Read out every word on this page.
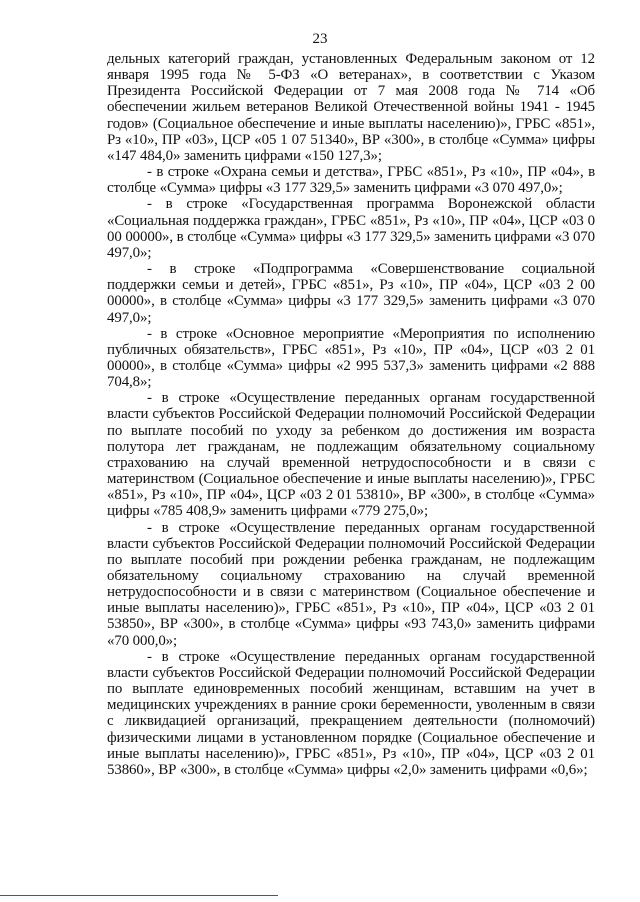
23

дельных категорий граждан, установленных Федеральным законом от 12 января 1995 года № 5-ФЗ «О ветеранах», в соответствии с Указом Президента Российской Федерации от 7 мая 2008 года № 714 «Об обеспечении жильем ветеранов Великой Отечественной войны 1941 - 1945 годов» (Социальное обеспечение и иные выплаты населению)», ГРБС «851», Рз «10», ПР «03», ЦСР «05 1 07 51340», ВР «300», в столбце «Сумма» цифры «147 484,0» заменить цифрами «150 127,3»;

- в строке «Охрана семьи и детства», ГРБС «851», Рз «10», ПР «04», в столбце «Сумма» цифры «3 177 329,5» заменить цифрами «3 070 497,0»;

- в строке «Государственная программа Воронежской области «Социальная поддержка граждан», ГРБС «851», Рз «10», ПР «04», ЦСР «03 0 00 00000», в столбце «Сумма» цифры «3 177 329,5» заменить цифрами «3 070 497,0»;

- в строке «Подпрограмма «Совершенствование социальной поддержки семьи и детей», ГРБС «851», Рз «10», ПР «04», ЦСР «03 2 00 00000», в столбце «Сумма» цифры «3 177 329,5» заменить цифрами «3 070 497,0»;

- в строке «Основное мероприятие «Мероприятия по исполнению публичных обязательств», ГРБС «851», Рз «10», ПР «04», ЦСР «03 2 01 00000», в столбце «Сумма» цифры «2 995 537,3» заменить цифрами «2 888 704,8»;

- в строке «Осуществление переданных органам государственной власти субъектов Российской Федерации полномочий Российской Федерации по выплате пособий по уходу за ребенком до достижения им возраста полутора лет гражданам, не подлежащим обязательному социальному страхованию на случай временной нетрудоспособности и в связи с материнством (Социальное обеспечение и иные выплаты населению)», ГРБС «851», Рз «10», ПР «04», ЦСР «03 2 01 53810», ВР «300», в столбце «Сумма» цифры «785 408,9» заменить цифрами «779 275,0»;

- в строке «Осуществление переданных органам государственной власти субъектов Российской Федерации полномочий Российской Федерации по выплате пособий при рождении ребенка гражданам, не подлежащим обязательному социальному страхованию на случай временной нетрудоспособности и в связи с материнством (Социальное обеспечение и иные выплаты населению)», ГРБС «851», Рз «10», ПР «04», ЦСР «03 2 01 53850», ВР «300», в столбце «Сумма» цифры «93 743,0» заменить цифрами «70 000,0»;

- в строке «Осуществление переданных органам государственной власти субъектов Российской Федерации полномочий Российской Федерации по выплате единовременных пособий женщинам, вставшим на учет в медицинских учреждениях в ранние сроки беременности, уволенным в связи с ликвидацией организаций, прекращением деятельности (полномочий) физическими лицами в установленном порядке (Социальное обеспечение и иные выплаты населению)», ГРБС «851», Рз «10», ПР «04», ЦСР «03 2 01 53860», ВР «300», в столбце «Сумма» цифры «2,0» заменить цифрами «0,6»;
